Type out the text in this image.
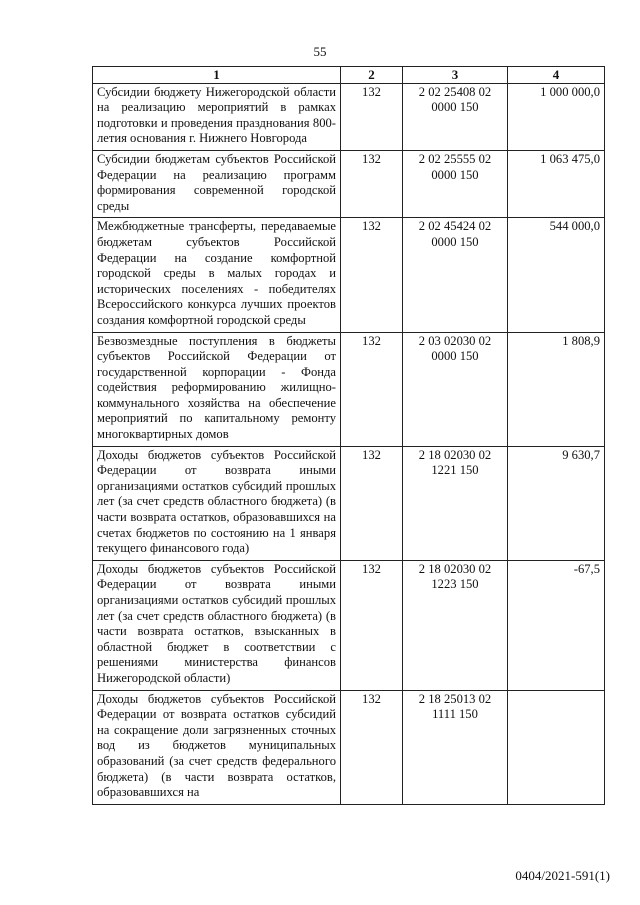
55
1	2	3	4
Субсидии бюджету Нижегородской области на реализацию мероприятий в рамках подготовки и проведения празднования 800-летия основания г. Нижнего Новгорода	132	2 02 25408 02 0000 150	1 000 000,0
Субсидии бюджетам субъектов Российской Федерации на реализацию программ формирования современной городской среды	132	2 02 25555 02 0000 150	1 063 475,0
Межбюджетные трансферты, передаваемые бюджетам субъектов Российской Федерации на создание комфортной городской среды в малых городах и исторических поселениях - победителях Всероссийского конкурса лучших проектов создания комфортной городской среды	132	2 02 45424 02 0000 150	544 000,0
Безвозмездные поступления в бюджеты субъектов Российской Федерации от государственной корпорации - Фонда содействия реформированию жилищно-коммунального хозяйства на обеспечение мероприятий по капитальному ремонту многоквартирных домов	132	2 03 02030 02 0000 150	1 808,9
Доходы бюджетов субъектов Российской Федерации от возврата иными организациями остатков субсидий прошлых лет (за счет средств областного бюджета) (в части возврата остатков, образовавшихся на счетах бюджетов по состоянию на 1 января текущего финансового года)	132	2 18 02030 02 1221 150	9 630,7
Доходы бюджетов субъектов Российской Федерации от возврата иными организациями остатков субсидий прошлых лет (за счет средств областного бюджета) (в части возврата остатков, взысканных в областной бюджет в соответствии с решениями министерства финансов Нижегородской области)	132	2 18 02030 02 1223 150	-67,5
Доходы бюджетов субъектов Российской Федерации от возврата остатков субсидий на сокращение доли загрязненных сточных вод из бюджетов муниципальных образований (за счет средств федерального бюджета) (в части возврата остатков, образовавшихся на	132	2 18 25013 02 1111 150	
0404/2021-591(1)
